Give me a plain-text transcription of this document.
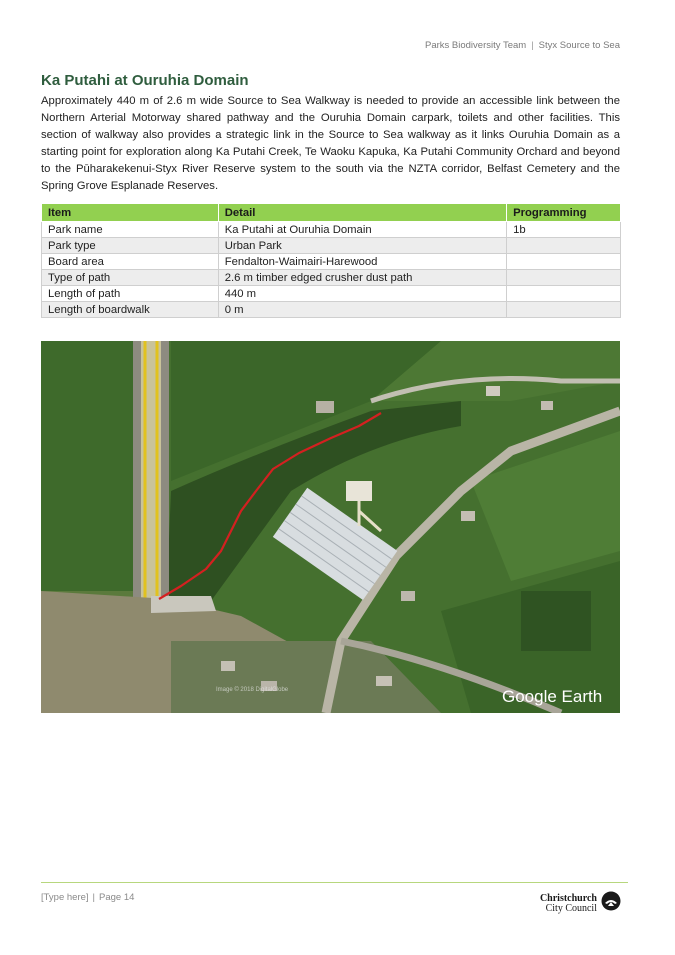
Parks Biodiversity Team | Styx Source to Sea
Ka Putahi at Ouruhia Domain

Approximately 440 m of 2.6 m wide Source to Sea Walkway is needed to provide an accessible link between the Northern Arterial Motorway shared pathway and the Ouruhia Domain carpark, toilets and other facilities. This section of walkway also provides a strategic link in the Source to Sea walkway as it links Ouruhia Domain as a starting point for exploration along Ka Putahi Creek, Te Waoku Kapuka, Ka Putahi Community Orchard and beyond to the Pūharakekenui-Styx River Reserve system to the south via the NZTA corridor, Belfast Cemetery and the Spring Grove Esplanade Reserves.

Item	Detail	Programming
Park name	Ka Putahi at Ouruhia Domain	1b
Park type	Urban Park	
Board area	Fendalton-Waimairi-Harewood	
Type of path	2.6 m timber edged crusher dust path	
Length of path	440 m	
Length of boardwalk	0 m	
Image © 2018 DigitalGlobe	Google Earth
[Type here] | Page 14	Christchurch
City Council
